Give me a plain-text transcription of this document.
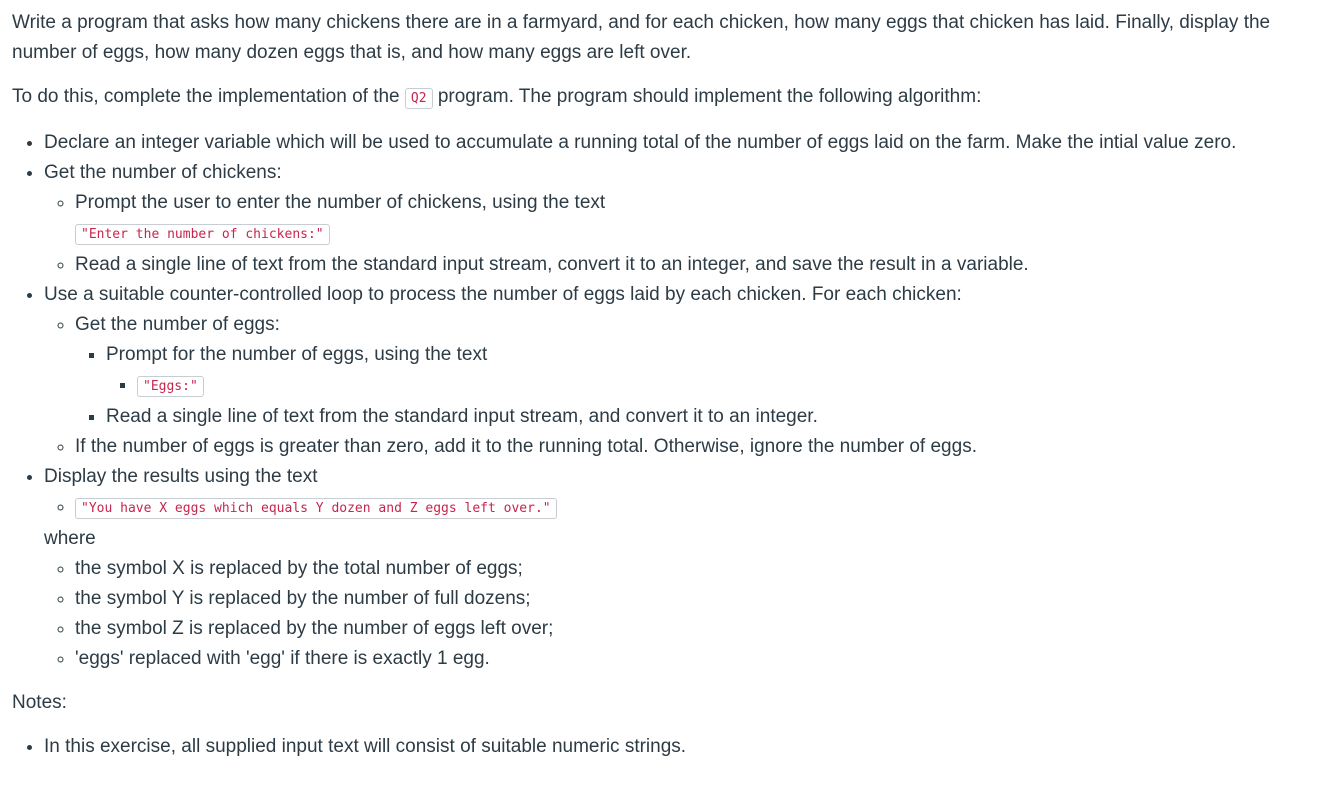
Write a program that asks how many chickens there are in a farmyard, and for each chicken, how many eggs that chicken has laid. Finally, display the number of eggs, how many dozen eggs that is, and how many eggs are left over.

To do this, complete the implementation of the Q2 program. The program should implement the following algorithm:

• Declare an integer variable which will be used to accumulate a running total of the number of eggs laid on the farm. Make the intial value zero.
• Get the number of chickens:
◦ Prompt the user to enter the number of chickens, using the text
"Enter the number of chickens:"
◦ Read a single line of text from the standard input stream, convert it to an integer, and save the result in a variable.
• Use a suitable counter-controlled loop to process the number of eggs laid by each chicken. For each chicken:
◦ Get the number of eggs:
▪ Prompt for the number of eggs, using the text
▪ "Eggs:"
▪ Read a single line of text from the standard input stream, and convert it to an integer.
◦ If the number of eggs is greater than zero, add it to the running total. Otherwise, ignore the number of eggs.
• Display the results using the text
◦ "You have X eggs which equals Y dozen and Z eggs left over."
where
◦ the symbol X is replaced by the total number of eggs;
◦ the symbol Y is replaced by the number of full dozens;
◦ the symbol Z is replaced by the number of eggs left over;
◦ 'eggs' replaced with 'egg' if there is exactly 1 egg.

Notes:

• In this exercise, all supplied input text will consist of suitable numeric strings.
